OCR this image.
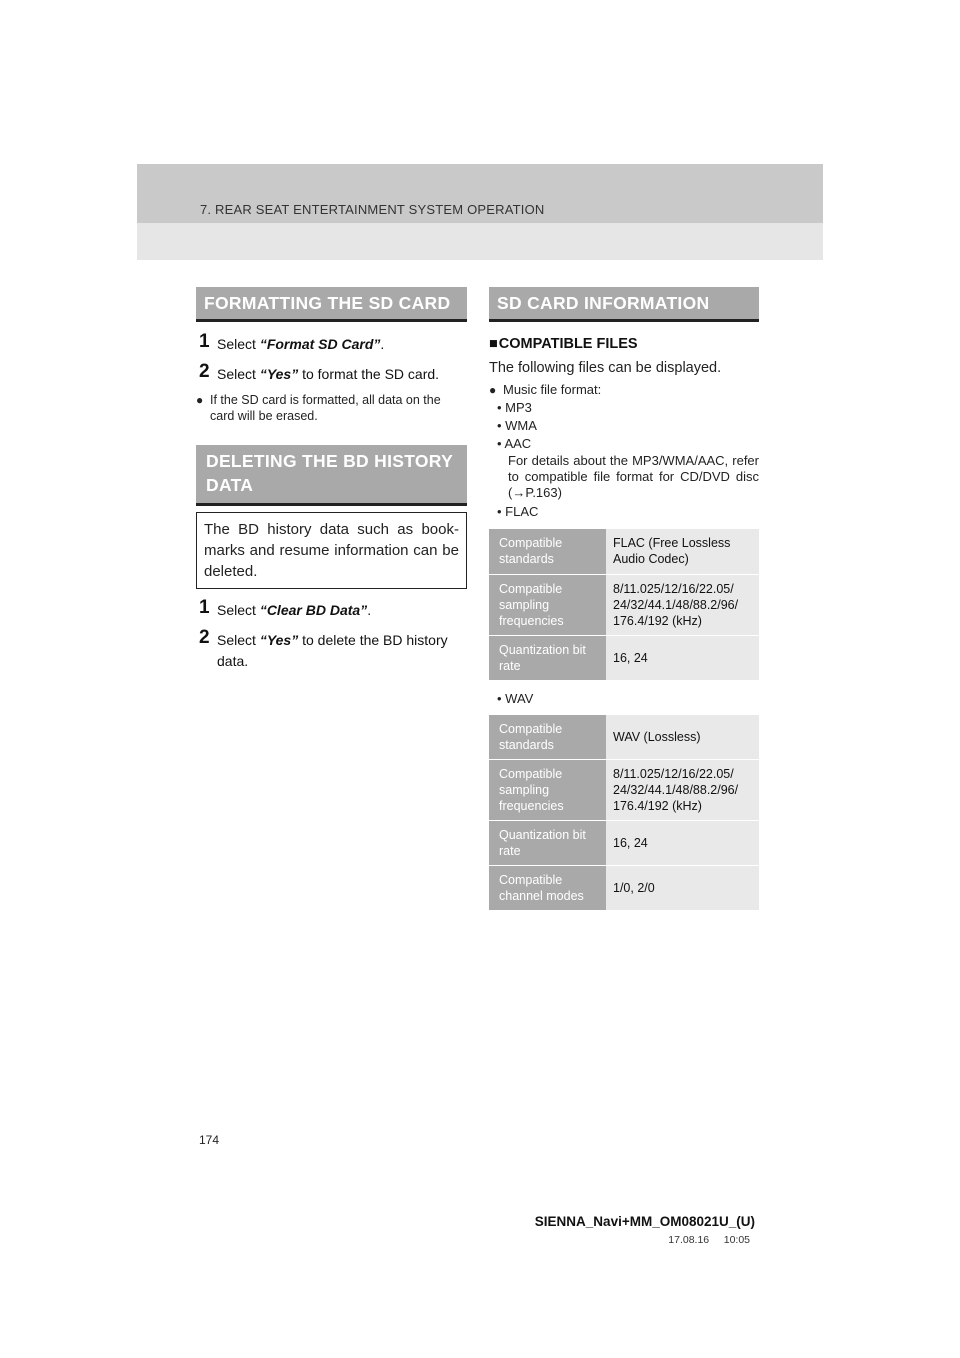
7. REAR SEAT ENTERTAINMENT SYSTEM OPERATION
FORMATTING THE SD CARD
1 Select “Format SD Card”.
2 Select “Yes” to format the SD card.
● If the SD card is formatted, all data on the card will be erased.
DELETING THE BD HISTORY DATA
The BD history data such as book-marks and resume information can be deleted.
1 Select “Clear BD Data”.
2 Select “Yes” to delete the BD history data.
SD CARD INFORMATION
■COMPATIBLE FILES
The following files can be displayed.
● Music file format:
• MP3
• WMA
• AAC
For details about the MP3/WMA/AAC, refer to compatible file format for CD/DVD disc (→P.163)
• FLAC
Compatible standards	FLAC (Free Lossless Audio Codec)
Compatible sampling frequencies	8/11.025/12/16/22.05/ 24/32/44.1/48/88.2/96/ 176.4/192 (kHz)
Quantization bit rate	16, 24
• WAV
Compatible standards	WAV (Lossless)
Compatible sampling frequencies	8/11.025/12/16/22.05/ 24/32/44.1/48/88.2/96/ 176.4/192 (kHz)
Quantization bit rate	16, 24
Compatible channel modes	1/0, 2/0
174
SIENNA_Navi+MM_OM08021U_(U)
17.08.16     10:05
